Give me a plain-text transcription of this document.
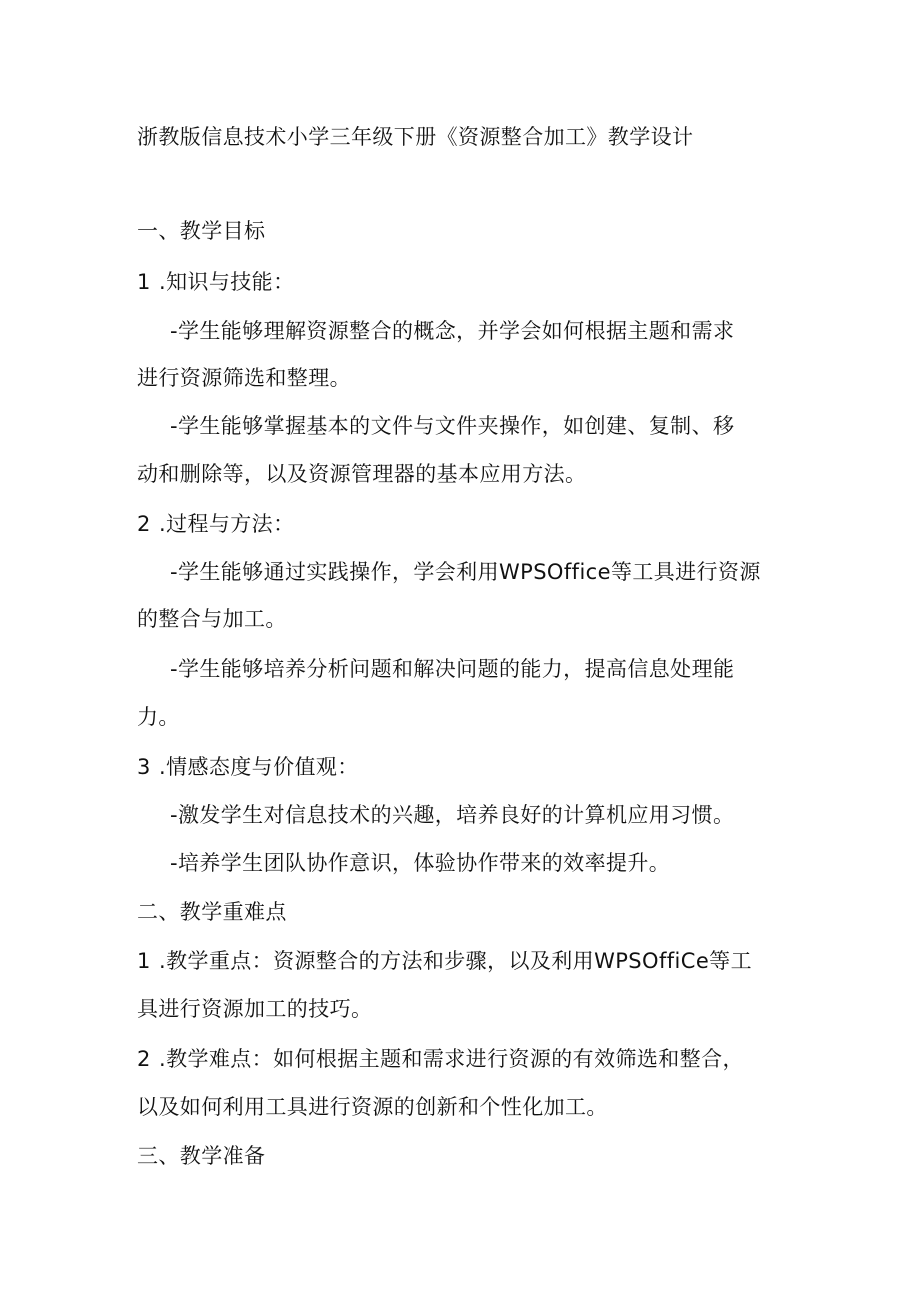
浙教版信息技术小学三年级下册《资源整合加工》教学设计
一、教学目标
1 .知识与技能：
-学生能够理解资源整合的概念，并学会如何根据主题和需求
进行资源筛选和整理。
-学生能够掌握基本的文件与文件夹操作，如创建、复制、移
动和删除等，以及资源管理器的基本应用方法。
2 .过程与方法：
-学生能够通过实践操作，学会利用WPSOffice等工具进行资源
的整合与加工。
-学生能够培养分析问题和解决问题的能力，提高信息处理能
力。
3 .情感态度与价值观：
-激发学生对信息技术的兴趣，培养良好的计算机应用习惯。
-培养学生团队协作意识，体验协作带来的效率提升。
二、教学重难点
1 .教学重点：资源整合的方法和步骤，以及利用WPSOffiCe等工
具进行资源加工的技巧。
2 .教学难点：如何根据主题和需求进行资源的有效筛选和整合，
以及如何利用工具进行资源的创新和个性化加工。
三、教学准备
